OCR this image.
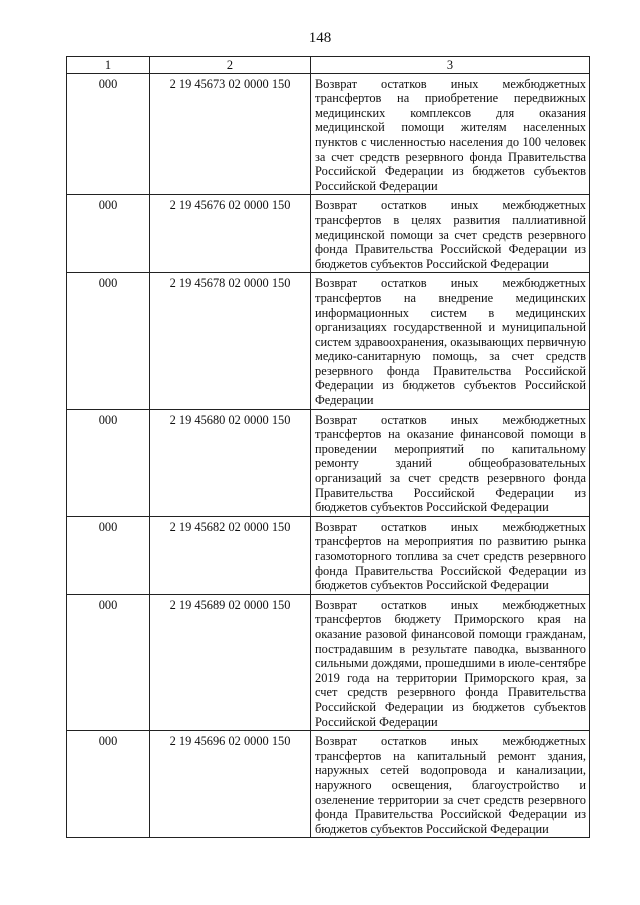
148
1	2	3
000	2 19 45673 02 0000 150	Возврат остатков иных межбюджетных трансфертов на приобретение передвижных медицинских комплексов для оказания медицинской помощи жителям населенных пунктов с численностью населения до 100 человек за счет средств резервного фонда Правительства Российской Федерации из бюджетов субъектов Российской Федерации
000	2 19 45676 02 0000 150	Возврат остатков иных межбюджетных трансфертов в целях развития паллиативной медицинской помощи за счет средств резервного фонда Правительства Российской Федерации из бюджетов субъектов Российской Федерации
000	2 19 45678 02 0000 150	Возврат остатков иных межбюджетных трансфертов на внедрение медицинских информационных систем в медицинских организациях государственной и муниципальной систем здравоохранения, оказывающих первичную медико-санитарную помощь, за счет средств резервного фонда Правительства Российской Федерации из бюджетов субъектов Российской Федерации
000	2 19 45680 02 0000 150	Возврат остатков иных межбюджетных трансфертов на оказание финансовой помощи в проведении мероприятий по капитальному ремонту зданий общеобразовательных организаций за счет средств резервного фонда Правительства Российской Федерации из бюджетов субъектов Российской Федерации
000	2 19 45682 02 0000 150	Возврат остатков иных межбюджетных трансфертов на мероприятия по развитию рынка газомоторного топлива за счет средств резервного фонда Правительства Российской Федерации из бюджетов субъектов Российской Федерации
000	2 19 45689 02 0000 150	Возврат остатков иных межбюджетных трансфертов бюджету Приморского края на оказание разовой финансовой помощи гражданам, пострадавшим в результате паводка, вызванного сильными дождями, прошедшими в июле-сентябре 2019 года на территории Приморского края, за счет средств резервного фонда Правительства Российской Федерации из бюджетов субъектов Российской Федерации
000	2 19 45696 02 0000 150	Возврат остатков иных межбюджетных трансфертов на капитальный ремонт здания, наружных сетей водопровода и канализации, наружного освещения, благоустройство и озеленение территории за счет средств резервного фонда Правительства Российской Федерации из бюджетов субъектов Российской Федерации
